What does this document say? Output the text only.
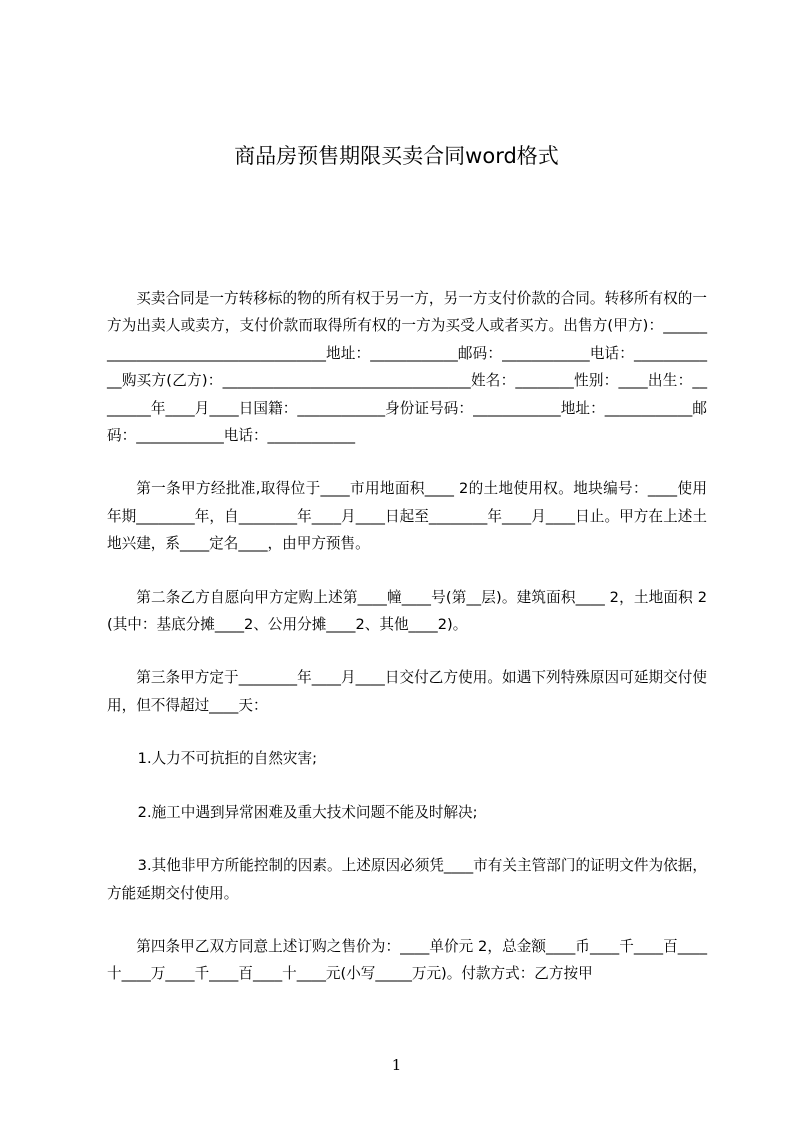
商品房预售期限买卖合同word格式

买卖合同是一方转移标的物的所有权于另一方，另一方支付价款的合同。转移所有权的一方为出卖人或卖方，支付价款而取得所有权的一方为买受人或者买方。出售方(甲方)：____________________________________地址：____________邮码：____________电话：____________购买方(乙方)：__________________________________姓名：________性别：____出生：________年____月____日国籍：____________身份证号码：____________地址：____________邮码：____________电话：____________

第一条甲方经批准,取得位于____市用地面积____ 2的土地使用权。地块编号：____使用年期________年，自________年____月____日起至________年____月____日止。甲方在上述土地兴建，系____定名____，由甲方预售。

第二条乙方自愿向甲方定购上述第____幢____号(第__层)。建筑面积____ 2，土地面积 2(其中：基底分摊____2、公用分摊____2、其他____2)。

第三条甲方定于________年____月____日交付乙方使用。如遇下列特殊原因可延期交付使用，但不得超过____天：

1.人力不可抗拒的自然灾害;

2.施工中遇到异常困难及重大技术问题不能及时解决;

3.其他非甲方所能控制的因素。上述原因必须凭____市有关主管部门的证明文件为依据，方能延期交付使用。

第四条甲乙双方同意上述订购之售价为：____单价元 2，总金额____币____千____百____十____万____千____百____十____元(小写_____万元)。付款方式：乙方按甲

1
